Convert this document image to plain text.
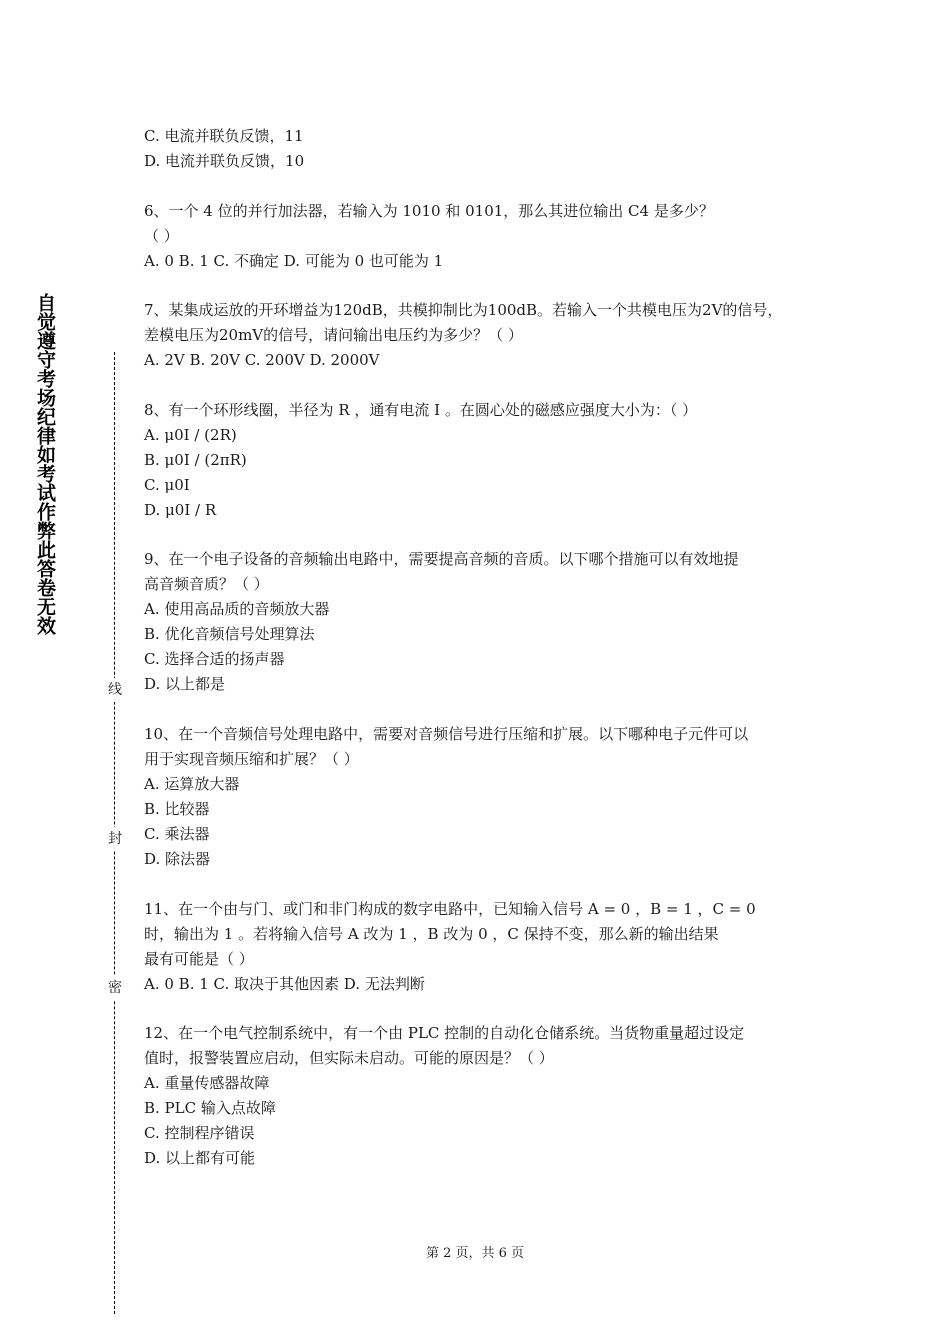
自觉遵守考场纪律如考试作弊此答卷无效
线
封
密
C. 电流并联负反馈，11
D. 电流并联负反馈，10
6、一个 4 位的并行加法器，若输入为 1010 和 0101，那么其进位输出 C4 是多少？
（ ）
A. 0 B. 1 C. 不确定 D. 可能为 0 也可能为 1
7、某集成运放的开环增益为120dB，共模抑制比为100dB。若输入一个共模电压为2V的信号，
差模电压为20mV的信号，请问输出电压约为多少？（ ）
A. 2V B. 20V C. 200V D. 2000V
8、有一个环形线圈，半径为 R ，通有电流 I 。在圆心处的磁感应强度大小为：（ ）
A. μ0I / (2R)
B. μ0I / (2πR)
C. μ0I
D. μ0I / R
9、在一个电子设备的音频输出电路中，需要提高音频的音质。以下哪个措施可以有效地提
高音频音质？（ ）
A. 使用高品质的音频放大器
B. 优化音频信号处理算法
C. 选择合适的扬声器
D. 以上都是
10、在一个音频信号处理电路中，需要对音频信号进行压缩和扩展。以下哪种电子元件可以
用于实现音频压缩和扩展？（ ）
A. 运算放大器
B. 比较器
C. 乘法器
D. 除法器
11、在一个由与门、或门和非门构成的数字电路中，已知输入信号 A = 0 ，B = 1 ，C = 0
时，输出为 1 。若将输入信号 A 改为 1 ，B 改为 0 ，C 保持不变，那么新的输出结果
最有可能是（ ）
A. 0 B. 1 C. 取决于其他因素 D. 无法判断
12、在一个电气控制系统中，有一个由 PLC 控制的自动化仓储系统。当货物重量超过设定
值时，报警装置应启动，但实际未启动。可能的原因是？（ ）
A. 重量传感器故障
B. PLC 输入点故障
C. 控制程序错误
D. 以上都有可能
第 2 页，共 6 页
